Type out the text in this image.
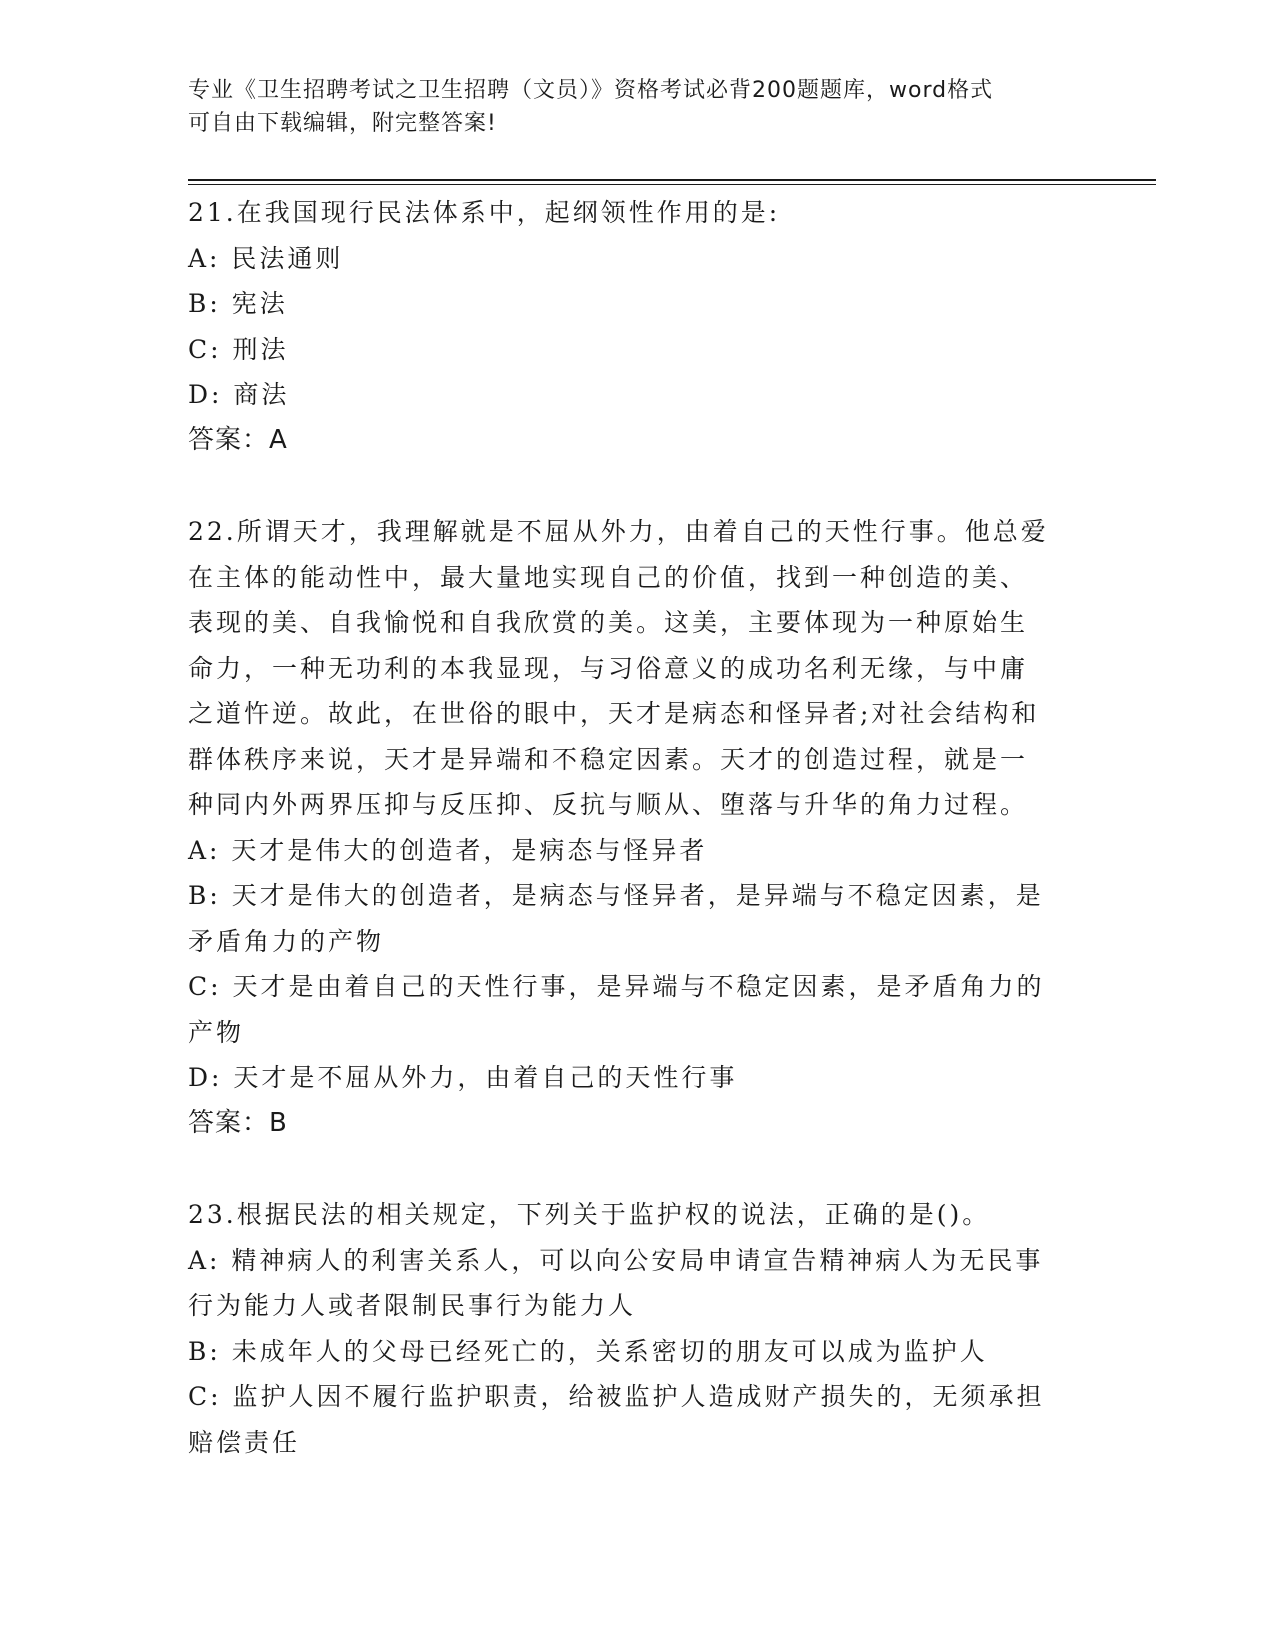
专业《卫生招聘考试之卫生招聘（文员）》资格考试必背200题题库，word格式
可自由下载编辑，附完整答案!
21.在我国现行民法体系中，起纲领性作用的是:
A: 民法通则
B: 宪法
C: 刑法
D: 商法
答案：A
22.所谓天才，我理解就是不屈从外力，由着自己的天性行事。他总爱
在主体的能动性中，最大量地实现自己的价值，找到一种创造的美、
表现的美、自我愉悦和自我欣赏的美。这美，主要体现为一种原始生
命力，一种无功利的本我显现，与习俗意义的成功名利无缘，与中庸
之道忤逆。故此，在世俗的眼中，天才是病态和怪异者;对社会结构和
群体秩序来说，天才是异端和不稳定因素。天才的创造过程，就是一
种同内外两界压抑与反压抑、反抗与顺从、堕落与升华的角力过程。
A: 天才是伟大的创造者，是病态与怪异者
B: 天才是伟大的创造者，是病态与怪异者，是异端与不稳定因素，是
矛盾角力的产物
C: 天才是由着自己的天性行事，是异端与不稳定因素，是矛盾角力的
产物
D: 天才是不屈从外力，由着自己的天性行事
答案：B
23.根据民法的相关规定，下列关于监护权的说法，正确的是()。
A: 精神病人的利害关系人，可以向公安局申请宣告精神病人为无民事
行为能力人或者限制民事行为能力人
B: 未成年人的父母已经死亡的，关系密切的朋友可以成为监护人
C: 监护人因不履行监护职责，给被监护人造成财产损失的，无须承担
赔偿责任
